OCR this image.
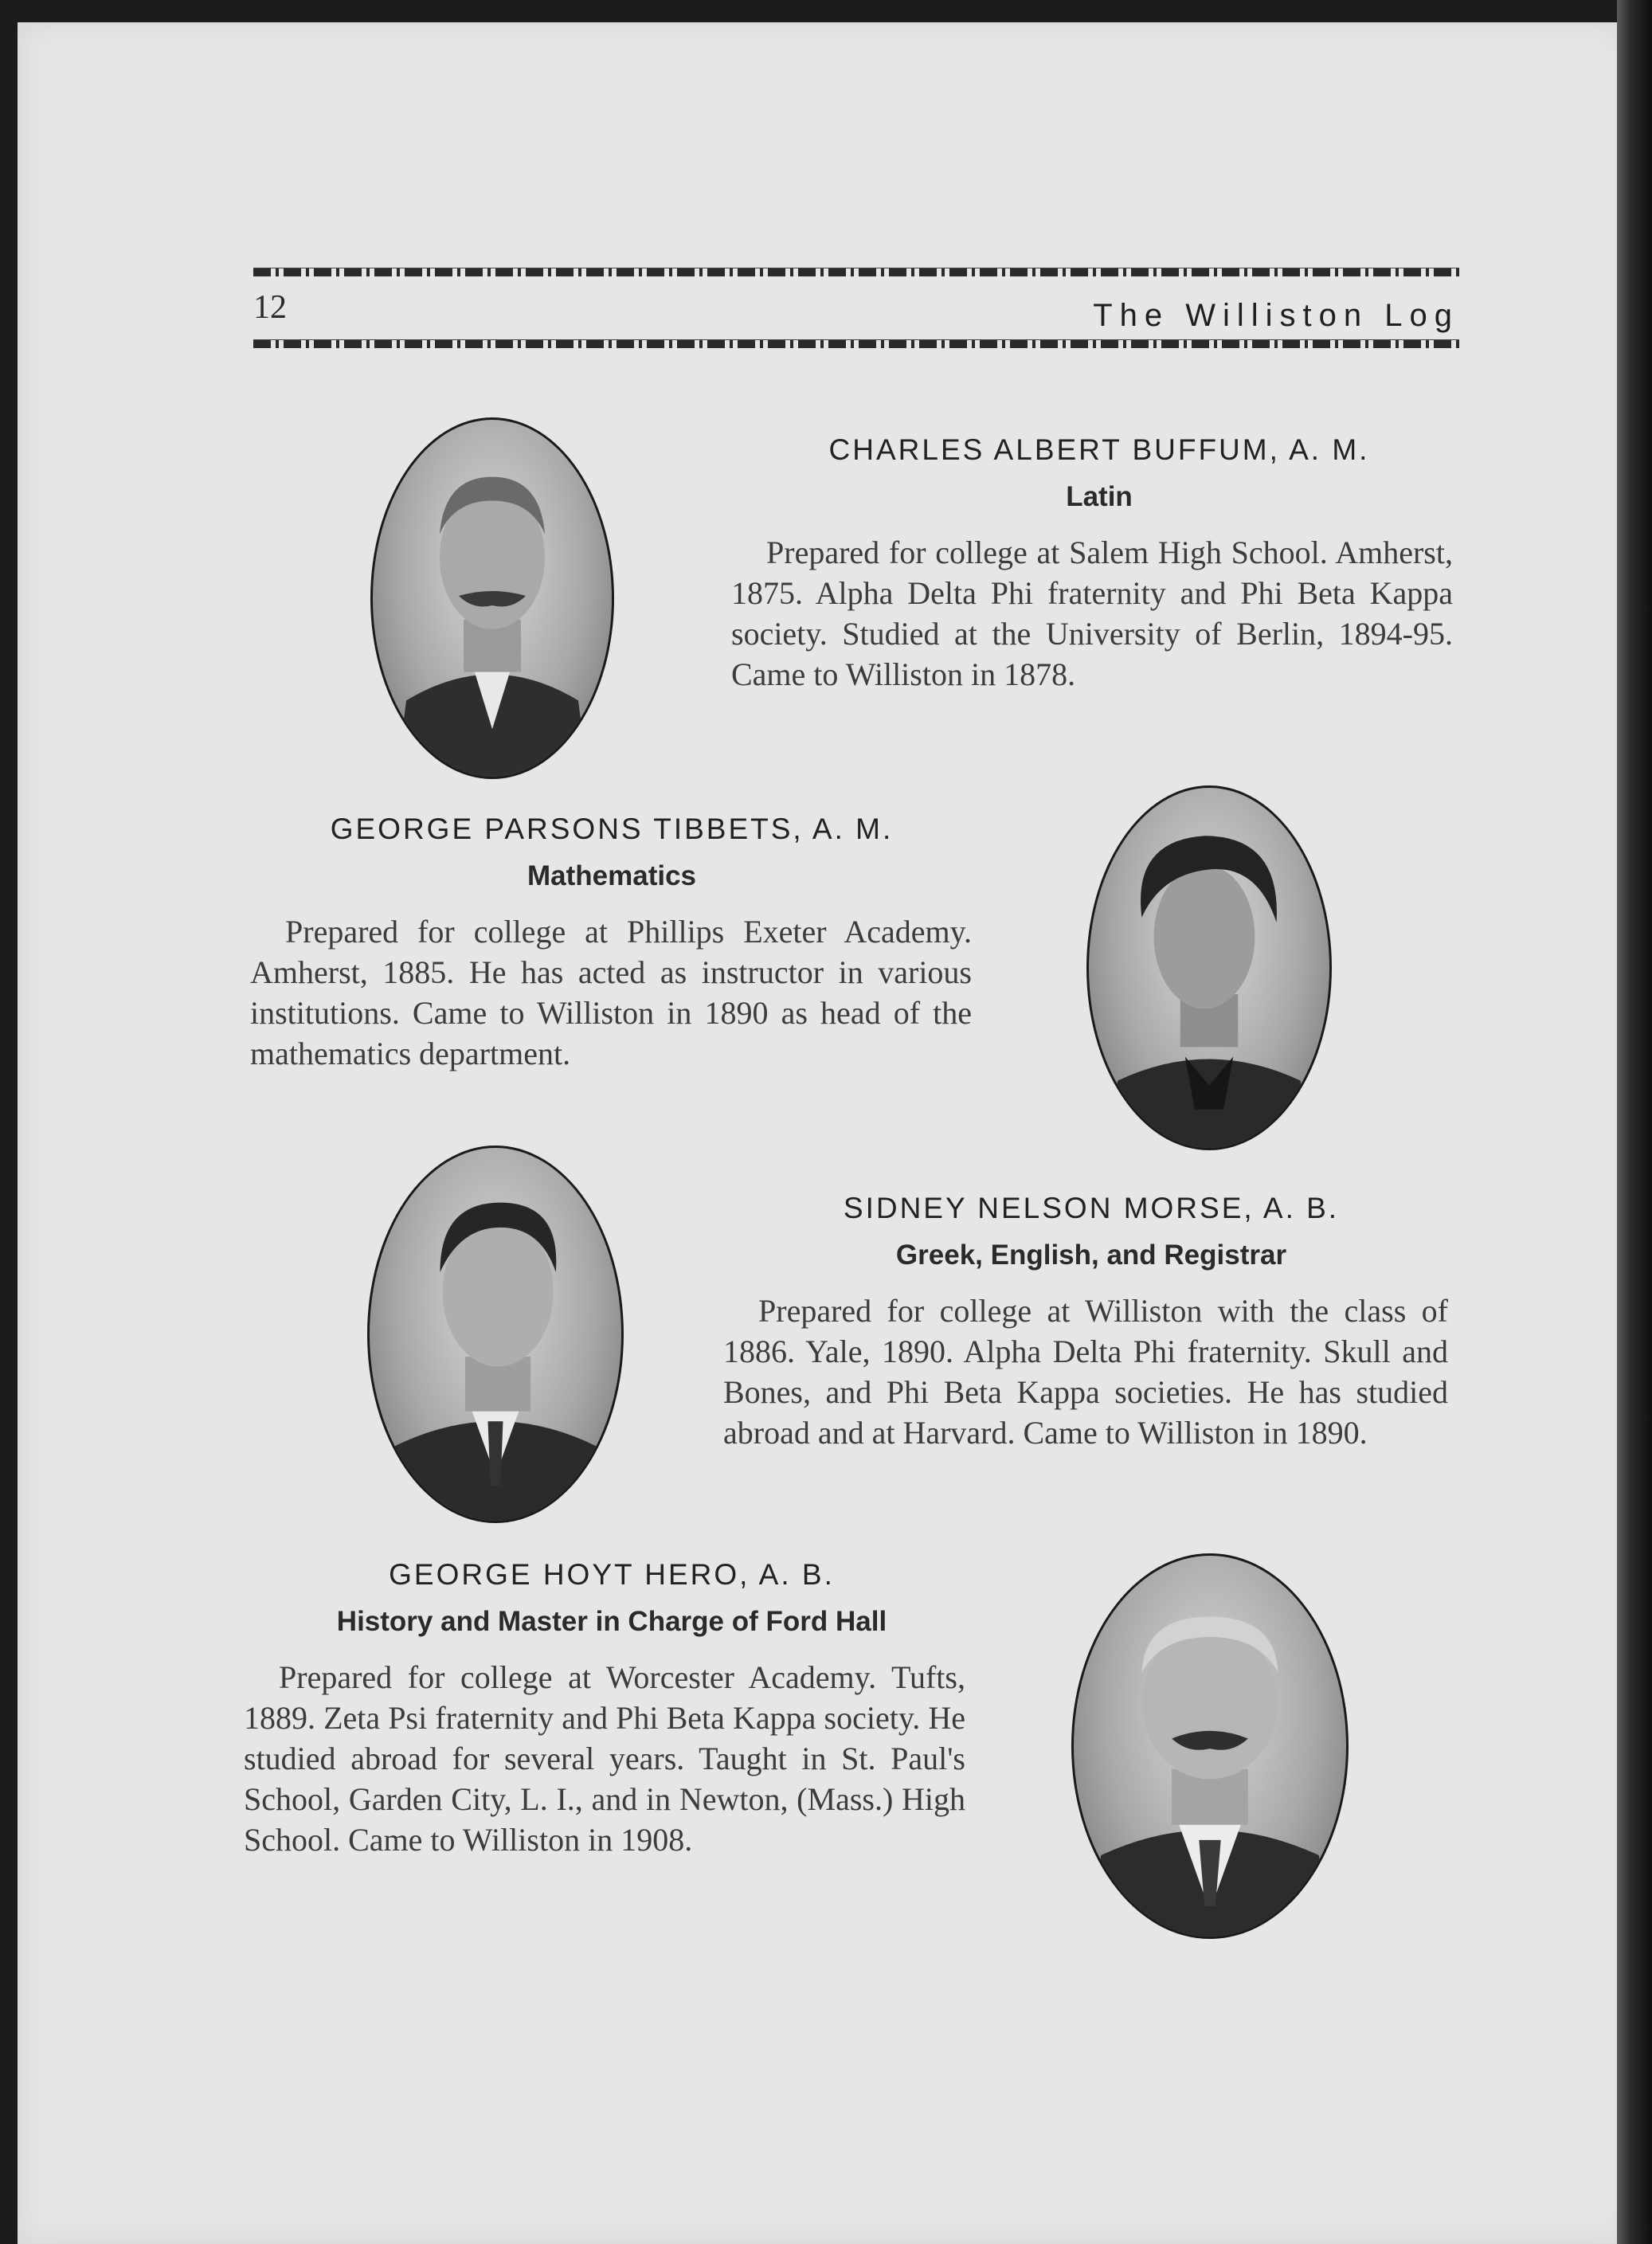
12	The Williston Log
CHARLES ALBERT BUFFUM, A. M.
Latin

Prepared for college at Salem High School. Amherst, 1875. Alpha Delta Phi fraternity and Phi Beta Kappa society. Studied at the University of Berlin, 1894-95. Came to Williston in 1878.

GEORGE PARSONS TIBBETS, A. M.
Mathematics

Prepared for college at Phillips Exeter Academy. Amherst, 1885. He has acted as instructor in various institutions. Came to Williston in 1890 as head of the mathematics department.

SIDNEY NELSON MORSE, A. B.
Greek, English, and Registrar

Prepared for college at Williston with the class of 1886. Yale, 1890. Alpha Delta Phi fraternity. Skull and Bones, and Phi Beta Kappa societies. He has studied abroad and at Harvard. Came to Williston in 1890.

GEORGE HOYT HERO, A. B.
History and Master in Charge of Ford Hall

Prepared for college at Worcester Academy. Tufts, 1889. Zeta Psi fraternity and Phi Beta Kappa society. He studied abroad for several years. Taught in St. Paul's School, Garden City, L. I., and in Newton, (Mass.) High School. Came to Williston in 1908.
